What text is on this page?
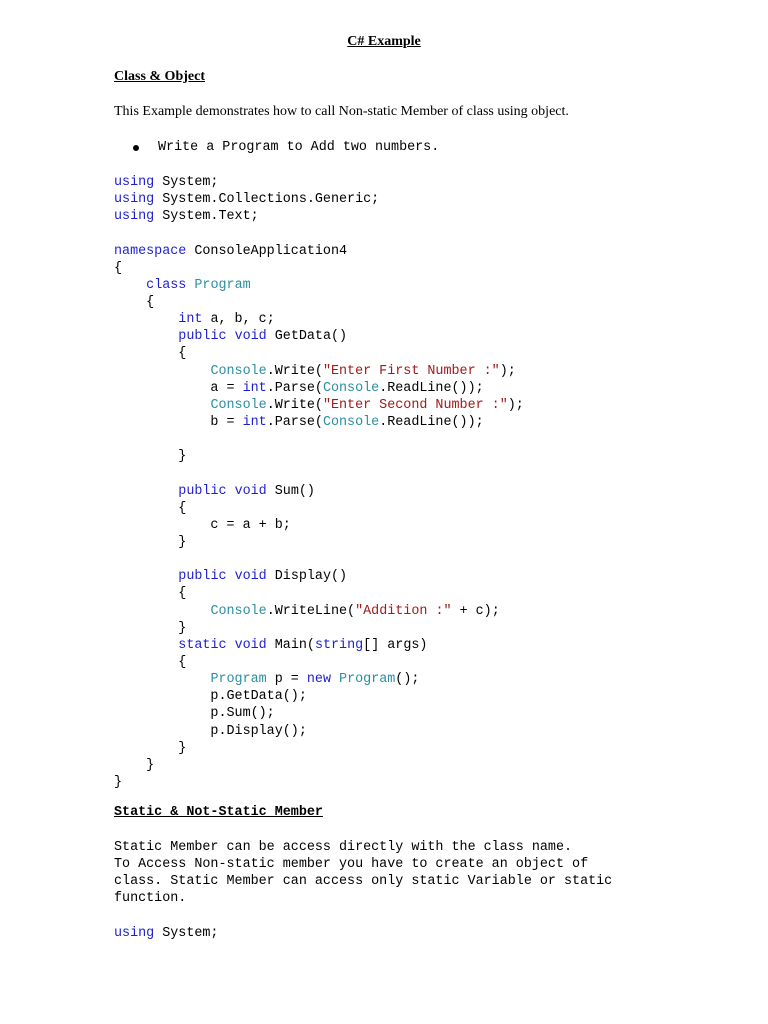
C# Example
Class & Object
This Example demonstrates how to call Non-static Member of class using object.
Write a Program to Add two numbers.
using System;
using System.Collections.Generic;
using System.Text;
namespace ConsoleApplication4
{
class Program
{
int a, b, c;
public void GetData()
{
Console.Write("Enter First Number :");
a = int.Parse(Console.ReadLine());
Console.Write("Enter Second Number :");
b = int.Parse(Console.ReadLine());
}
public void Sum()
{
c = a + b;
}
public void Display()
{
Console.WriteLine("Addition :" + c);
}
static void Main(string[] args)
{
Program p = new Program();
p.GetData();
p.Sum();
p.Display();
}
}
}
Static & Not-Static Member
Static Member can be access directly with the class name.
To Access Non-static member you have to create an object of
class. Static Member can access only static Variable or static
function.
using System;
